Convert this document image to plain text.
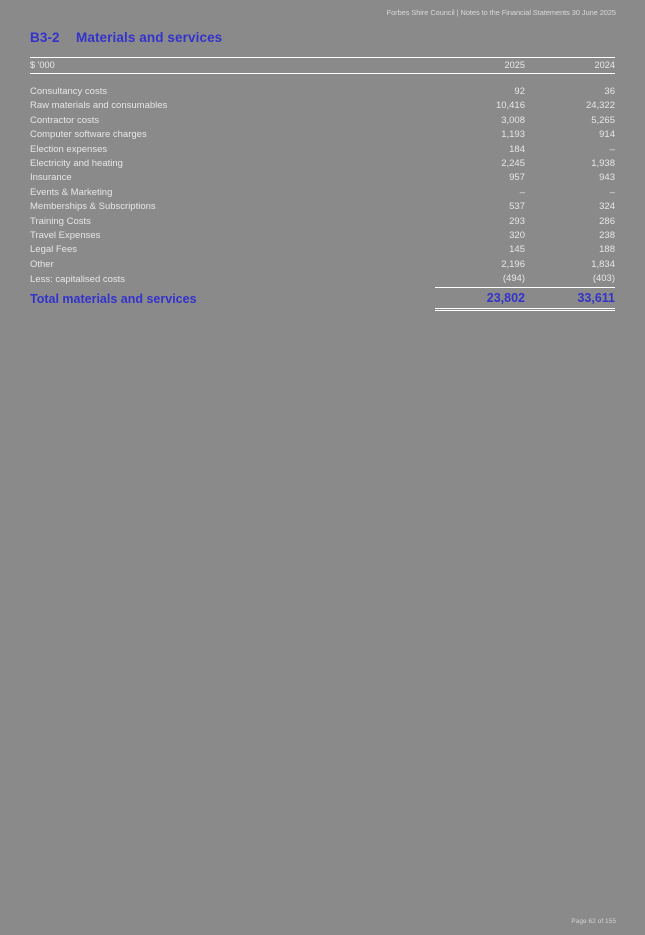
Forbes Shire Council | Notes to the Financial Statements 30 June 2025
B3-2 Materials and services
$ '000	2025	2024

Consultancy costs	92	36
Raw materials and consumables	10,416	24,322
Contractor costs	3,008	5,265
Computer software charges	1,193	914
Election expenses	184	–
Electricity and heating	2,245	1,938
Insurance	957	943
Events & Marketing	–	–
Memberships & Subscriptions	537	324
Training Costs	293	286
Travel Expenses	320	238
Legal Fees	145	188
Other	2,196	1,834
Less: capitalised costs	(494)	(403)
Total materials and services	23,802	33,611
Page 62 of 155
